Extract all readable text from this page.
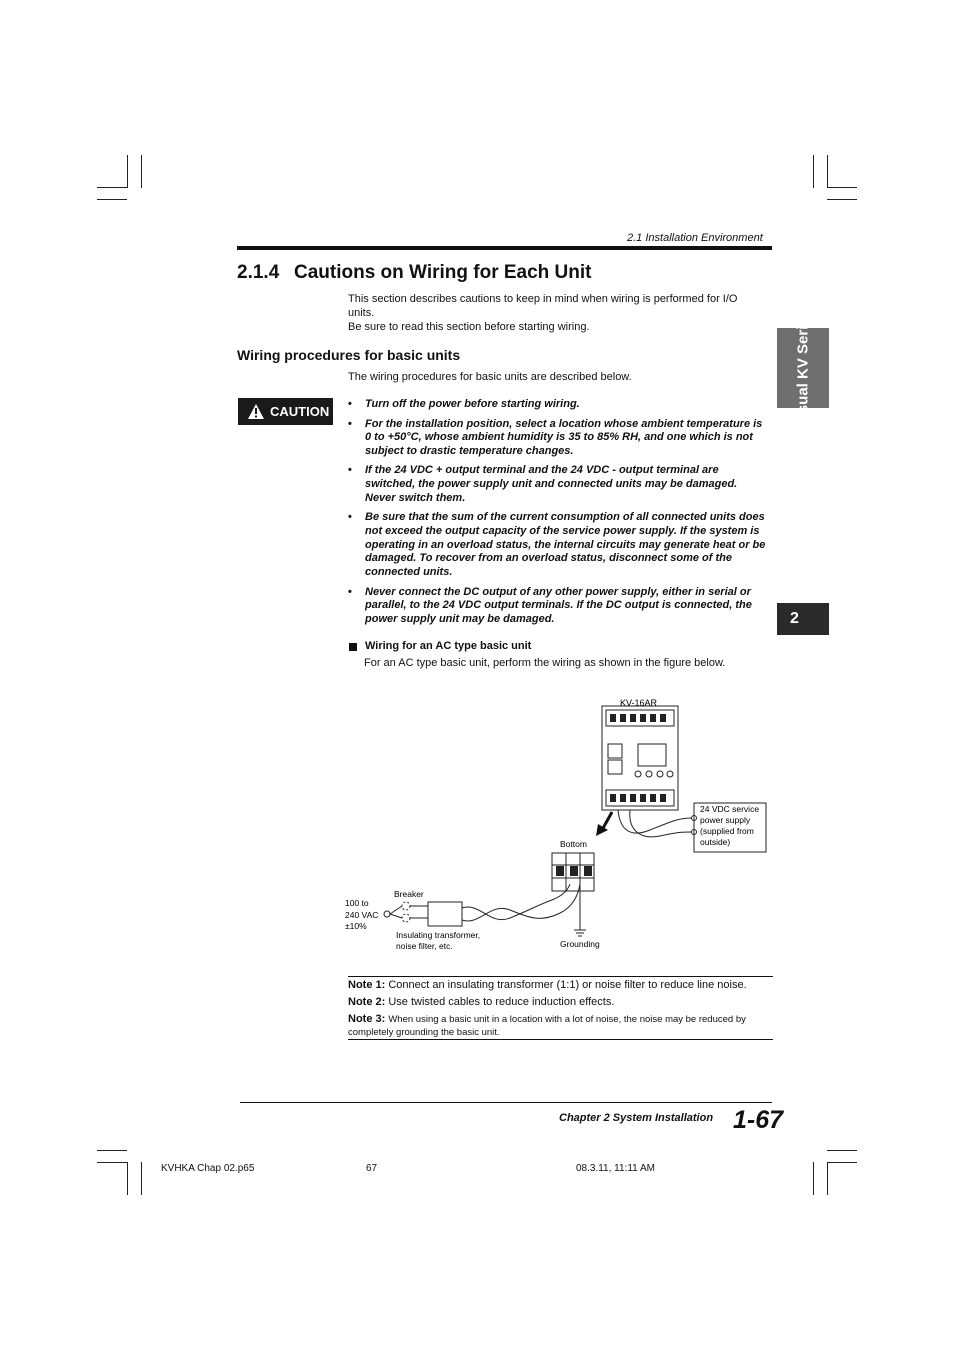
2.1 Installation Environment
2.1.4 Cautions on Wiring for Each Unit
This section describes cautions to keep in mind when wiring is performed for I/O units.
Be sure to read this section before starting wiring.
Wiring procedures for basic units
The wiring procedures for basic units are described below.
CAUTION
•	Turn off the power before starting wiring.
• For the installation position, select a location whose ambient temperature is 0 to +50°C, whose ambient humidity is 35 to 85% RH, and one which is not subject to drastic temperature changes.
• If the 24 VDC + output terminal and the 24 VDC - output terminal are switched, the power supply unit and connected units may be damaged. Never switch them.
• Be sure that the sum of the current consumption of all connected units does not exceed the output capacity of the service power supply. If the system is operating in an overload status, the internal circuits may generate heat or be damaged. To recover from an overload status, disconnect some of the connected units.
• Never connect the DC output of any other power supply, either in serial or parallel, to the 24 VDC output terminals. If the DC output is connected, the power supply unit may be damaged.
Wiring for an AC type basic unit
For an AC type basic unit, perform the wiring as shown in the figure below.
KV-16AR
Bottom
Breaker
100 to
240 VAC
±10%
Insulating transformer,
noise filter, etc.	Grounding
24 VDC service
power supply
(supplied from
outside)
Note 1: Connect an insulating transformer (1:1) or noise filter to reduce line noise.
Note 2: Use twisted cables to reduce induction effects.
Note 3: When using a basic unit in a location with a lot of noise, the noise may be reduced by completely grounding the basic unit.
Visual KV Series
2
Chapter 2 System Installation 1-67
KVHKA Chap 02.p65	67	08.3.11, 11:11 AM
